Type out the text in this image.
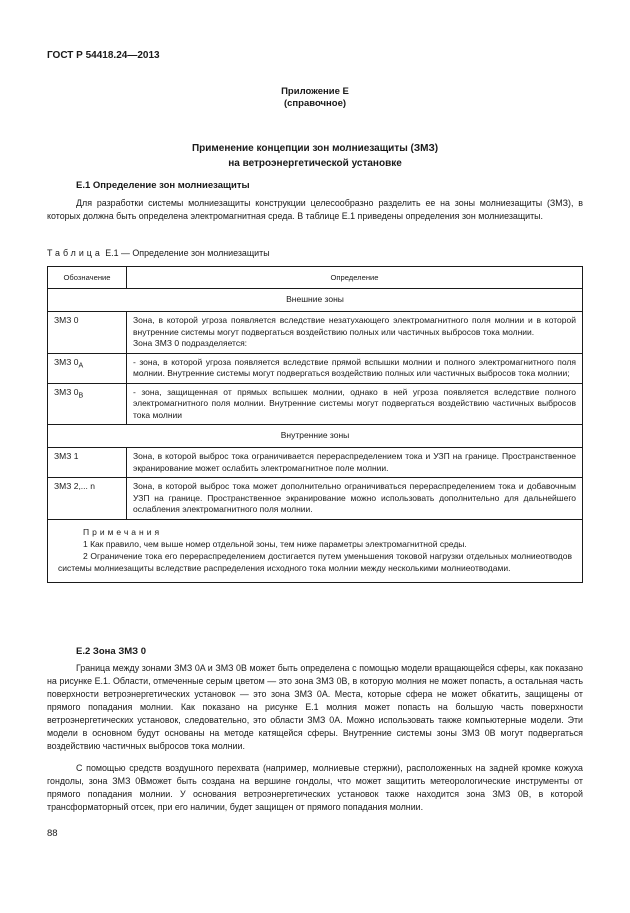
ГОСТ Р 54418.24—2013
Приложение Е
(справочное)
Применение концепции зон молниезащиты (ЗМЗ)
на ветроэнергетической установке
Е.1 Определение зон молниезащиты

Для разработки системы молниезащиты конструкции целесообразно разделить ее на зоны молниезащиты (ЗМЗ), в которых должна быть определена электромагнитная среда. В таблице Е.1 приведены определения зон молниезащиты.

Таблица Е.1 — Определение зон молниезащиты
Обозначение	Определение
Внешние зоны	
ЗМЗ 0	Зона, в которой угроза появляется вследствие незатухающего электромагнитного поля молнии и в которой внутренние системы могут подвергаться воздействию полных или частичных выбросов тока молнии.
Зона ЗМЗ 0 подразделяется:

ЗМЗ $0_A$	- зона, в которой угроза появляется вследствие прямой вспышки молнии и полного электромагнитного поля молнии. Внутренние системы могут подвергаться воздействию полных или частичных выбросов тока молнии;
ЗМЗ $0_B$	- зона, защищенная от прямых вспышек молнии, однако в ней угроза появляется вследствие полного электромагнитного поля молнии. Внутренние системы могут подвергаться воздействию частичных выбросов тока молнии
Внутренние зоны	
ЗМЗ 1	Зона, в которой выброс тока ограничивается перераспределением тока и УЗП на границе. Пространственное экранирование может ослабить электромагнитное поле молнии.
ЗМЗ 2,... n	Зона, в которой выброс тока может дополнительно ограничиваться перераспределением тока и добавочным УЗП на границе. Пространственное экранирование можно использовать дополнительно для дальнейшего ослабления электромагнитного поля молнии.

Примечания
1 Как правило, чем выше номер отдельной зоны, тем ниже параметры электромагнитной среды.
2 Ограничение тока его перераспределением достигается путем уменьшения токовой нагрузки отдельных молниеотводов системы молниезащиты вследствие распределения исходного тока молнии между несколькими молниеотводами.	
Е.2 Зона ЗМЗ 0

Граница между зонами ЗМЗ 0A и ЗМЗ 0B может быть определена с помощью модели вращающейся сферы, как показано на рисунке Е.1. Области, отмеченные серым цветом — это зона ЗМЗ 0B, в которую молния не может попасть, а остальная часть поверхности ветроэнергетических установок — это зона ЗМЗ 0A. Места, которые сфера не может обкатить, защищены от прямого попадания молнии. Как показано на рисунке Е.1 молния может попасть на большую часть поверхности ветроэнергетических установок, следовательно, это области ЗМЗ 0A. Можно использовать также компьютерные модели. Эти модели в основном будут основаны на методе катящейся сферы. Внутренние системы зоны ЗМЗ 0B могут подвергаться воздействию частичных выбросов тока молнии.

С помощью средств воздушного перехвата (например, молниевые стержни), расположенных на задней кромке кожуха гондолы, зона ЗМЗ 0Bможет быть создана на вершине гондолы, что может защитить метеорологические инструменты от прямого попадания молнии. У основания ветроэнергетических установок также находится зона ЗМЗ 0B, в которой трансформаторный отсек, при его наличии, будет защищен от прямого попадания молнии.

88
